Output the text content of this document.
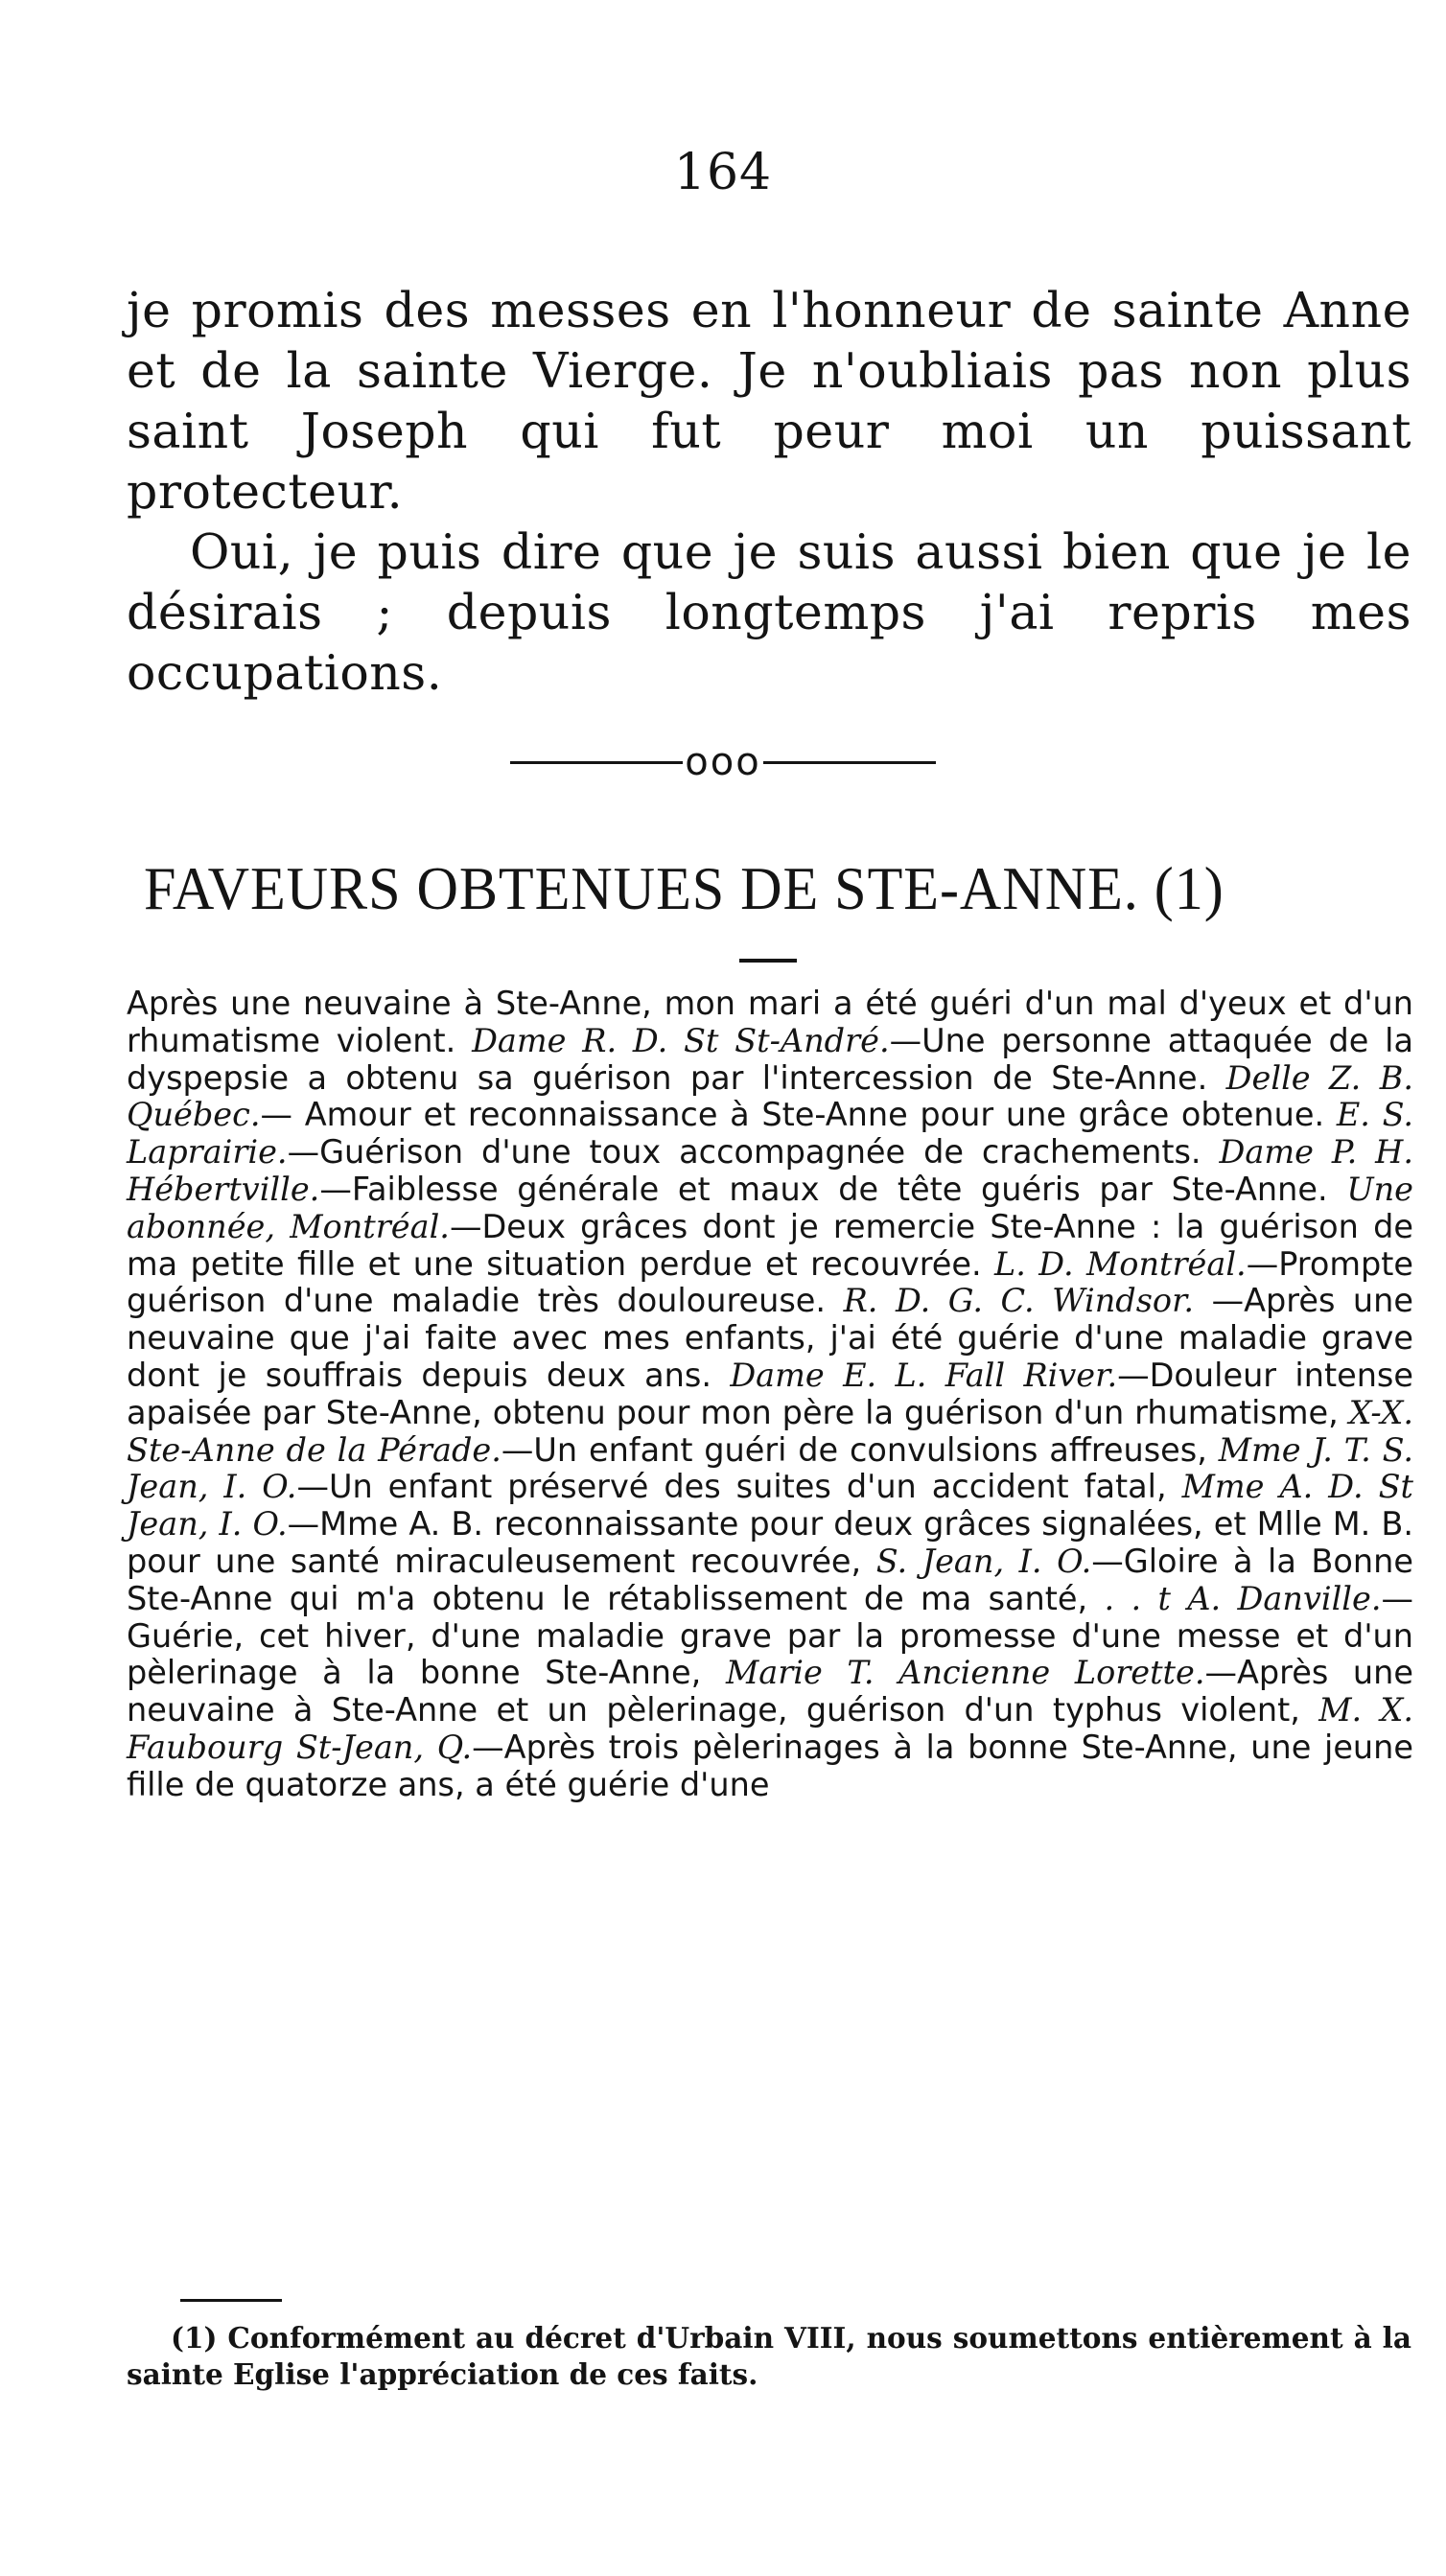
164

je promis des messes en l'honneur de sainte Anne et de la sainte Vierge. Je n'oubliais pas non plus saint Joseph qui fut peur moi un puissant protecteur.

Oui, je puis dire que je suis aussi bien que je le désirais ; depuis longtemps j'ai repris mes occupations.

ooo
FAVEURS OBTENUES DE STE-ANNE. (1)

Après une neuvaine à Ste-Anne, mon mari a été guéri d'un mal d'yeux et d'un rhumatisme violent. Dame R. D. St St-André.—Une personne attaquée de la dyspepsie a obtenu sa guérison par l'intercession de Ste-Anne. Delle Z. B. Québec.— Amour et reconnaissance à Ste-Anne pour une grâce obtenue. E. S. Laprairie.—Guérison d'une toux accompagnée de crachements. Dame P. H. Hébertville.—Faiblesse générale et maux de tête guéris par Ste-Anne. Une abonnée, Montréal.—Deux grâces dont je remercie Ste-Anne : la guérison de ma petite fille et une situation perdue et recouvrée. L. D. Montréal.—Prompte guérison d'une maladie très douloureuse. R. D. G. C. Windsor. —Après une neuvaine que j'ai faite avec mes enfants, j'ai été guérie d'une maladie grave dont je souffrais depuis deux ans. Dame E. L. Fall River.—Douleur intense apaisée par Ste-Anne, obtenu pour mon père la guérison d'un rhumatisme, X-X. Ste-Anne de la Pérade.—Un enfant guéri de convulsions affreuses, Mme J. T. S. Jean, I. O.—Un enfant préservé des suites d'un accident fatal, Mme A. D. St Jean, I. O.—Mme A. B. reconnaissante pour deux grâces signalées, et Mlle M. B. pour une santé miraculeusement recouvrée, S. Jean, I. O.—Gloire à la Bonne Ste-Anne qui m'a obtenu le rétablissement de ma santé, . . t A. Danville.—Guérie, cet hiver, d'une maladie grave par la promesse d'une messe et d'un pèlerinage à la bonne Ste-Anne, Marie T. Ancienne Lorette.—Après une neuvaine à Ste-Anne et un pèlerinage, guérison d'un typhus violent, M. X. Faubourg St-Jean, Q.—Après trois pèlerinages à la bonne Ste-Anne, une jeune fille de quatorze ans, a été guérie d'une

(1) Conformément au décret d'Urbain VIII, nous soumettons entièrement à la sainte Eglise l'appréciation de ces faits.
